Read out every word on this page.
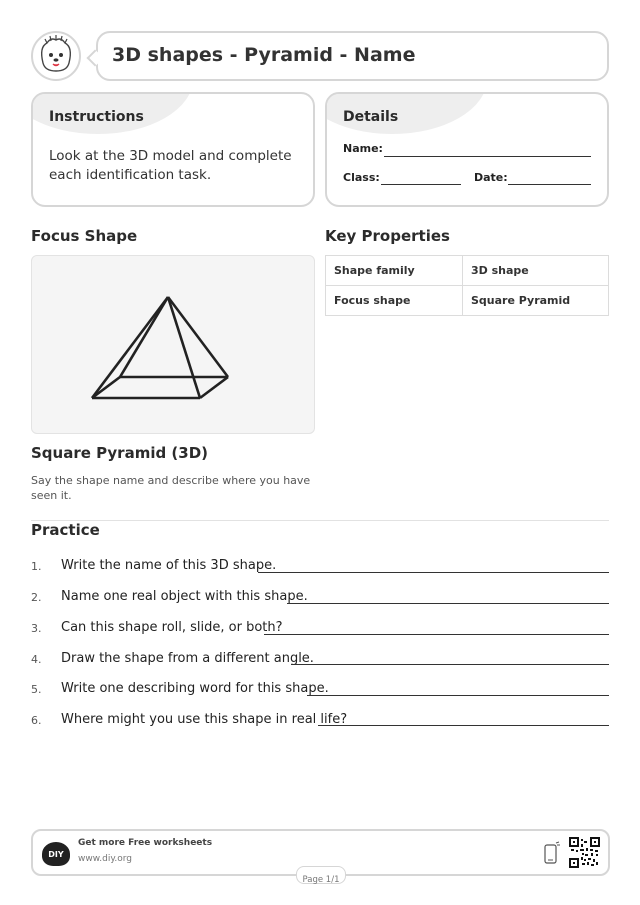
3D shapes - Pyramid - Name
Instructions
Look at the 3D model and complete each identification task.
Details
Name:
Class:	Date:
Focus Shape
Square Pyramid (3D)
Say the shape name and describe where you have seen it.
Key Properties
Shape family	3D shape
Focus shape	Square Pyramid
Practice
1. Write the name of this 3D shape.
2. Name one real object with this shape.
3. Can this shape roll, slide, or both?
4. Draw the shape from a different angle.
5. Write one describing word for this shape.
6. Where might you use this shape in real life?
DIY
Get more Free worksheets
www.diy.org
Page 1/1
